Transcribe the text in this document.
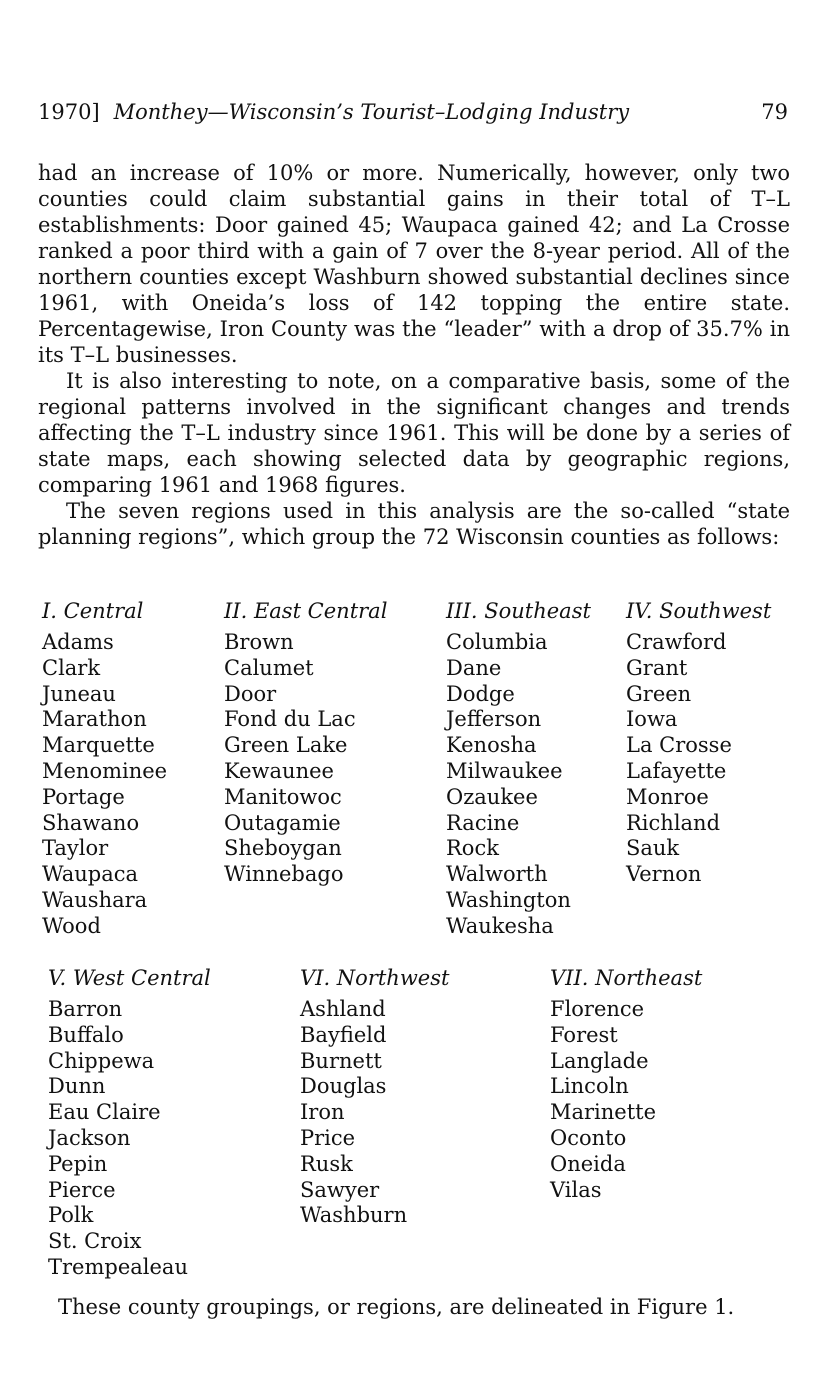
1970] Monthey—Wisconsin’s Tourist–Lodging Industry	79

had an increase of 10% or more. Numerically, however, only two counties could claim substantial gains in their total of T–L establishments: Door gained 45; Waupaca gained 42; and La Crosse ranked a poor third with a gain of 7 over the 8-year period. All of the northern counties except Washburn showed substantial declines since 1961, with Oneida’s loss of 142 topping the entire state. Percentagewise, Iron County was the “leader” with a drop of 35.7% in its T–L businesses.

It is also interesting to note, on a comparative basis, some of the regional patterns involved in the significant changes and trends affecting the T–L industry since 1961. This will be done by a series of state maps, each showing selected data by geographic regions, comparing 1961 and 1968 figures.

The seven regions used in this analysis are the so-called “state planning regions”, which group the 72 Wisconsin counties as follows:

I. Central
Adams
Clark
Juneau
Marathon
Marquette
Menominee
Portage
Shawano
Taylor
Waupaca
Waushara
Wood
II. East Central
Brown
Calumet
Door
Fond du Lac
Green Lake
Kewaunee
Manitowoc
Outagamie
Sheboygan
Winnebago
III. Southeast
Columbia
Dane
Dodge
Jefferson
Kenosha
Milwaukee
Ozaukee
Racine
Rock
Walworth
Washington
Waukesha
IV. Southwest
Crawford
Grant
Green
Iowa
La Crosse
Lafayette
Monroe
Richland
Sauk
Vernon
V. West Central
Barron
Buffalo
Chippewa
Dunn
Eau Claire
Jackson
Pepin
Pierce
Polk
St. Croix
Trempealeau
VI. Northwest
Ashland
Bayfield
Burnett
Douglas
Iron
Price
Rusk
Sawyer
Washburn
VII. Northeast
Florence
Forest
Langlade
Lincoln
Marinette
Oconto
Oneida
Vilas
These county groupings, or regions, are delineated in Figure 1.
